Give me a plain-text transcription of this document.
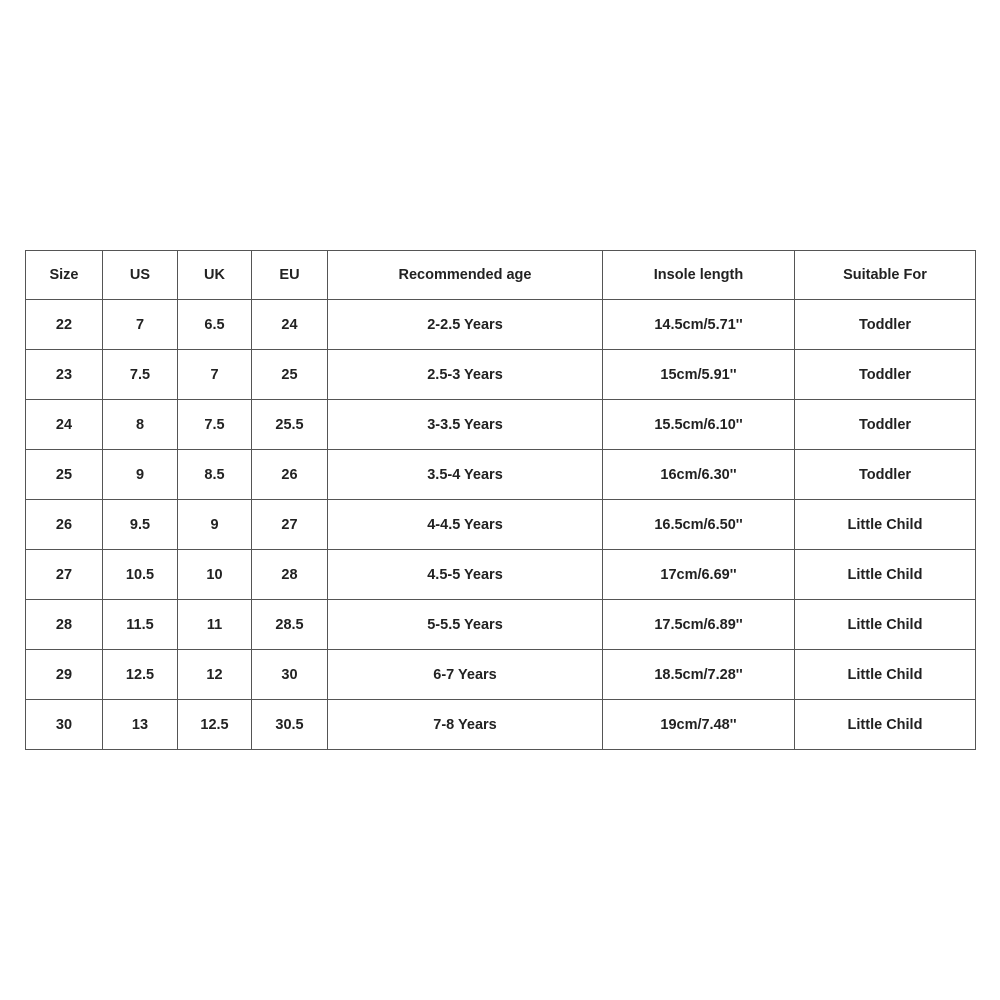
Size	US	UK	EU	Recommended age	Insole length	Suitable For
22	7	6.5	24	2-2.5 Years	14.5cm/5.71''	Toddler
23	7.5	7	25	2.5-3 Years	15cm/5.91''	Toddler
24	8	7.5	25.5	3-3.5 Years	15.5cm/6.10''	Toddler
25	9	8.5	26	3.5-4 Years	16cm/6.30''	Toddler
26	9.5	9	27	4-4.5 Years	16.5cm/6.50''	Little Child
27	10.5	10	28	4.5-5 Years	17cm/6.69''	Little Child
28	11.5	11	28.5	5-5.5 Years	17.5cm/6.89''	Little Child
29	12.5	12	30	6-7 Years	18.5cm/7.28''	Little Child
30	13	12.5	30.5	7-8 Years	19cm/7.48''	Little Child
